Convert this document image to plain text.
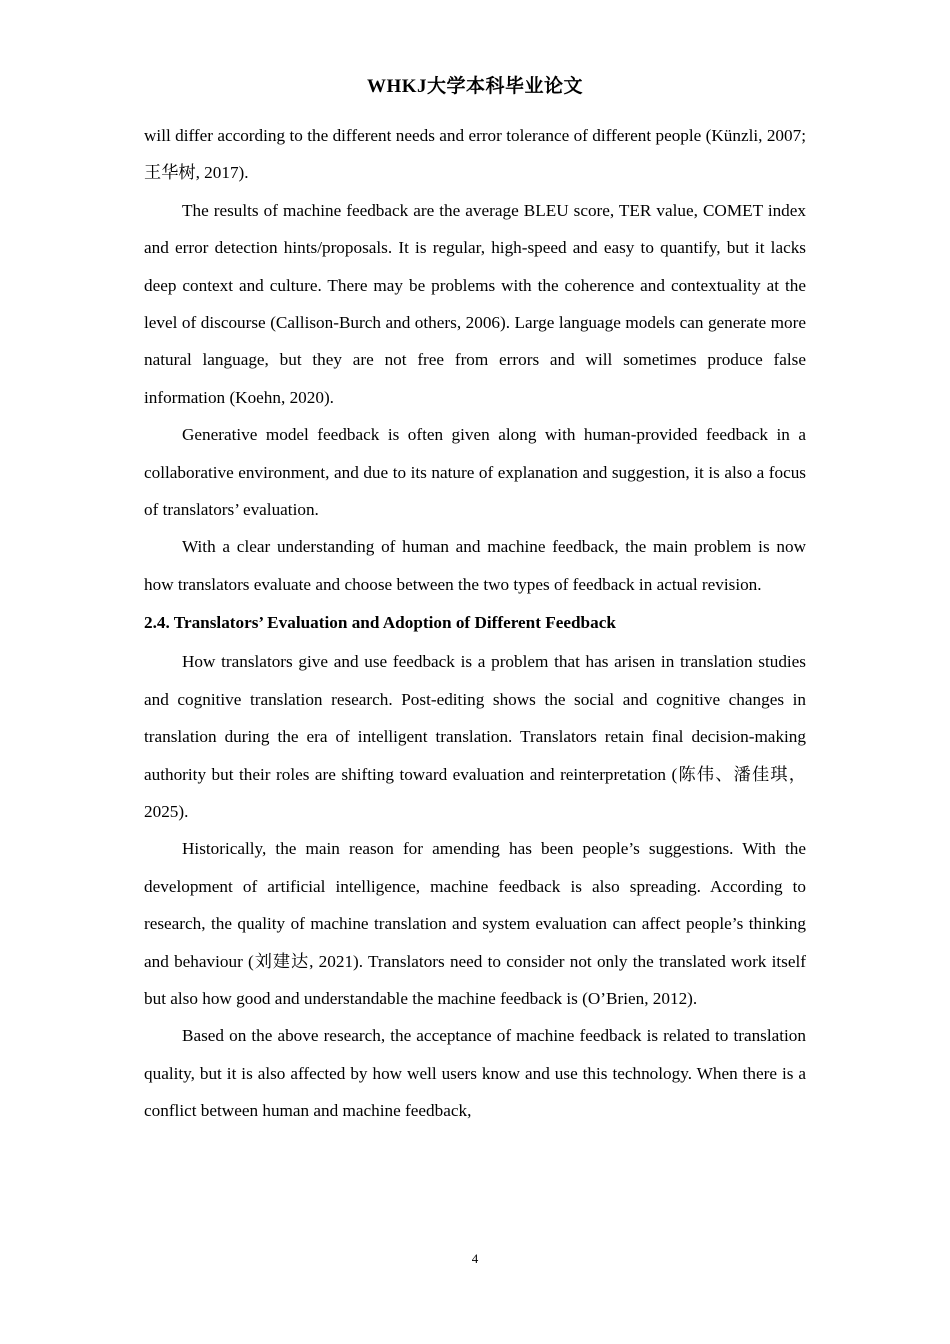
WHKJ大学本科毕业论文

will differ according to the different needs and error tolerance of different people (Künzli, 2007; 王华树, 2017).

The results of machine feedback are the average BLEU score, TER value, COMET index and error detection hints/proposals. It is regular, high-speed and easy to quantify, but it lacks deep context and culture. There may be problems with the coherence and contextuality at the level of discourse (Callison-Burch and others, 2006). Large language models can generate more natural language, but they are not free from errors and will sometimes produce false information (Koehn, 2020).

Generative model feedback is often given along with human-provided feedback in a collaborative environment, and due to its nature of explanation and suggestion, it is also a focus of translators’ evaluation.

With a clear understanding of human and machine feedback, the main problem is now how translators evaluate and choose between the two types of feedback in actual revision.

2.4. Translators’ Evaluation and Adoption of Different Feedback

How translators give and use feedback is a problem that has arisen in translation studies and cognitive translation research. Post-editing shows the social and cognitive changes in translation during the era of intelligent translation. Translators retain final decision-making authority but their roles are shifting toward evaluation and reinterpretation (陈伟、潘佳琪，2025).

Historically, the main reason for amending has been people’s suggestions. With the development of artificial intelligence, machine feedback is also spreading. According to research, the quality of machine translation and system evaluation can affect people’s thinking and behaviour (刘建达, 2021). Translators need to consider not only the translated work itself but also how good and understandable the machine feedback is (O’Brien, 2012).

Based on the above research, the acceptance of machine feedback is related to translation quality, but it is also affected by how well users know and use this technology. When there is a conflict between human and machine feedback,

4
